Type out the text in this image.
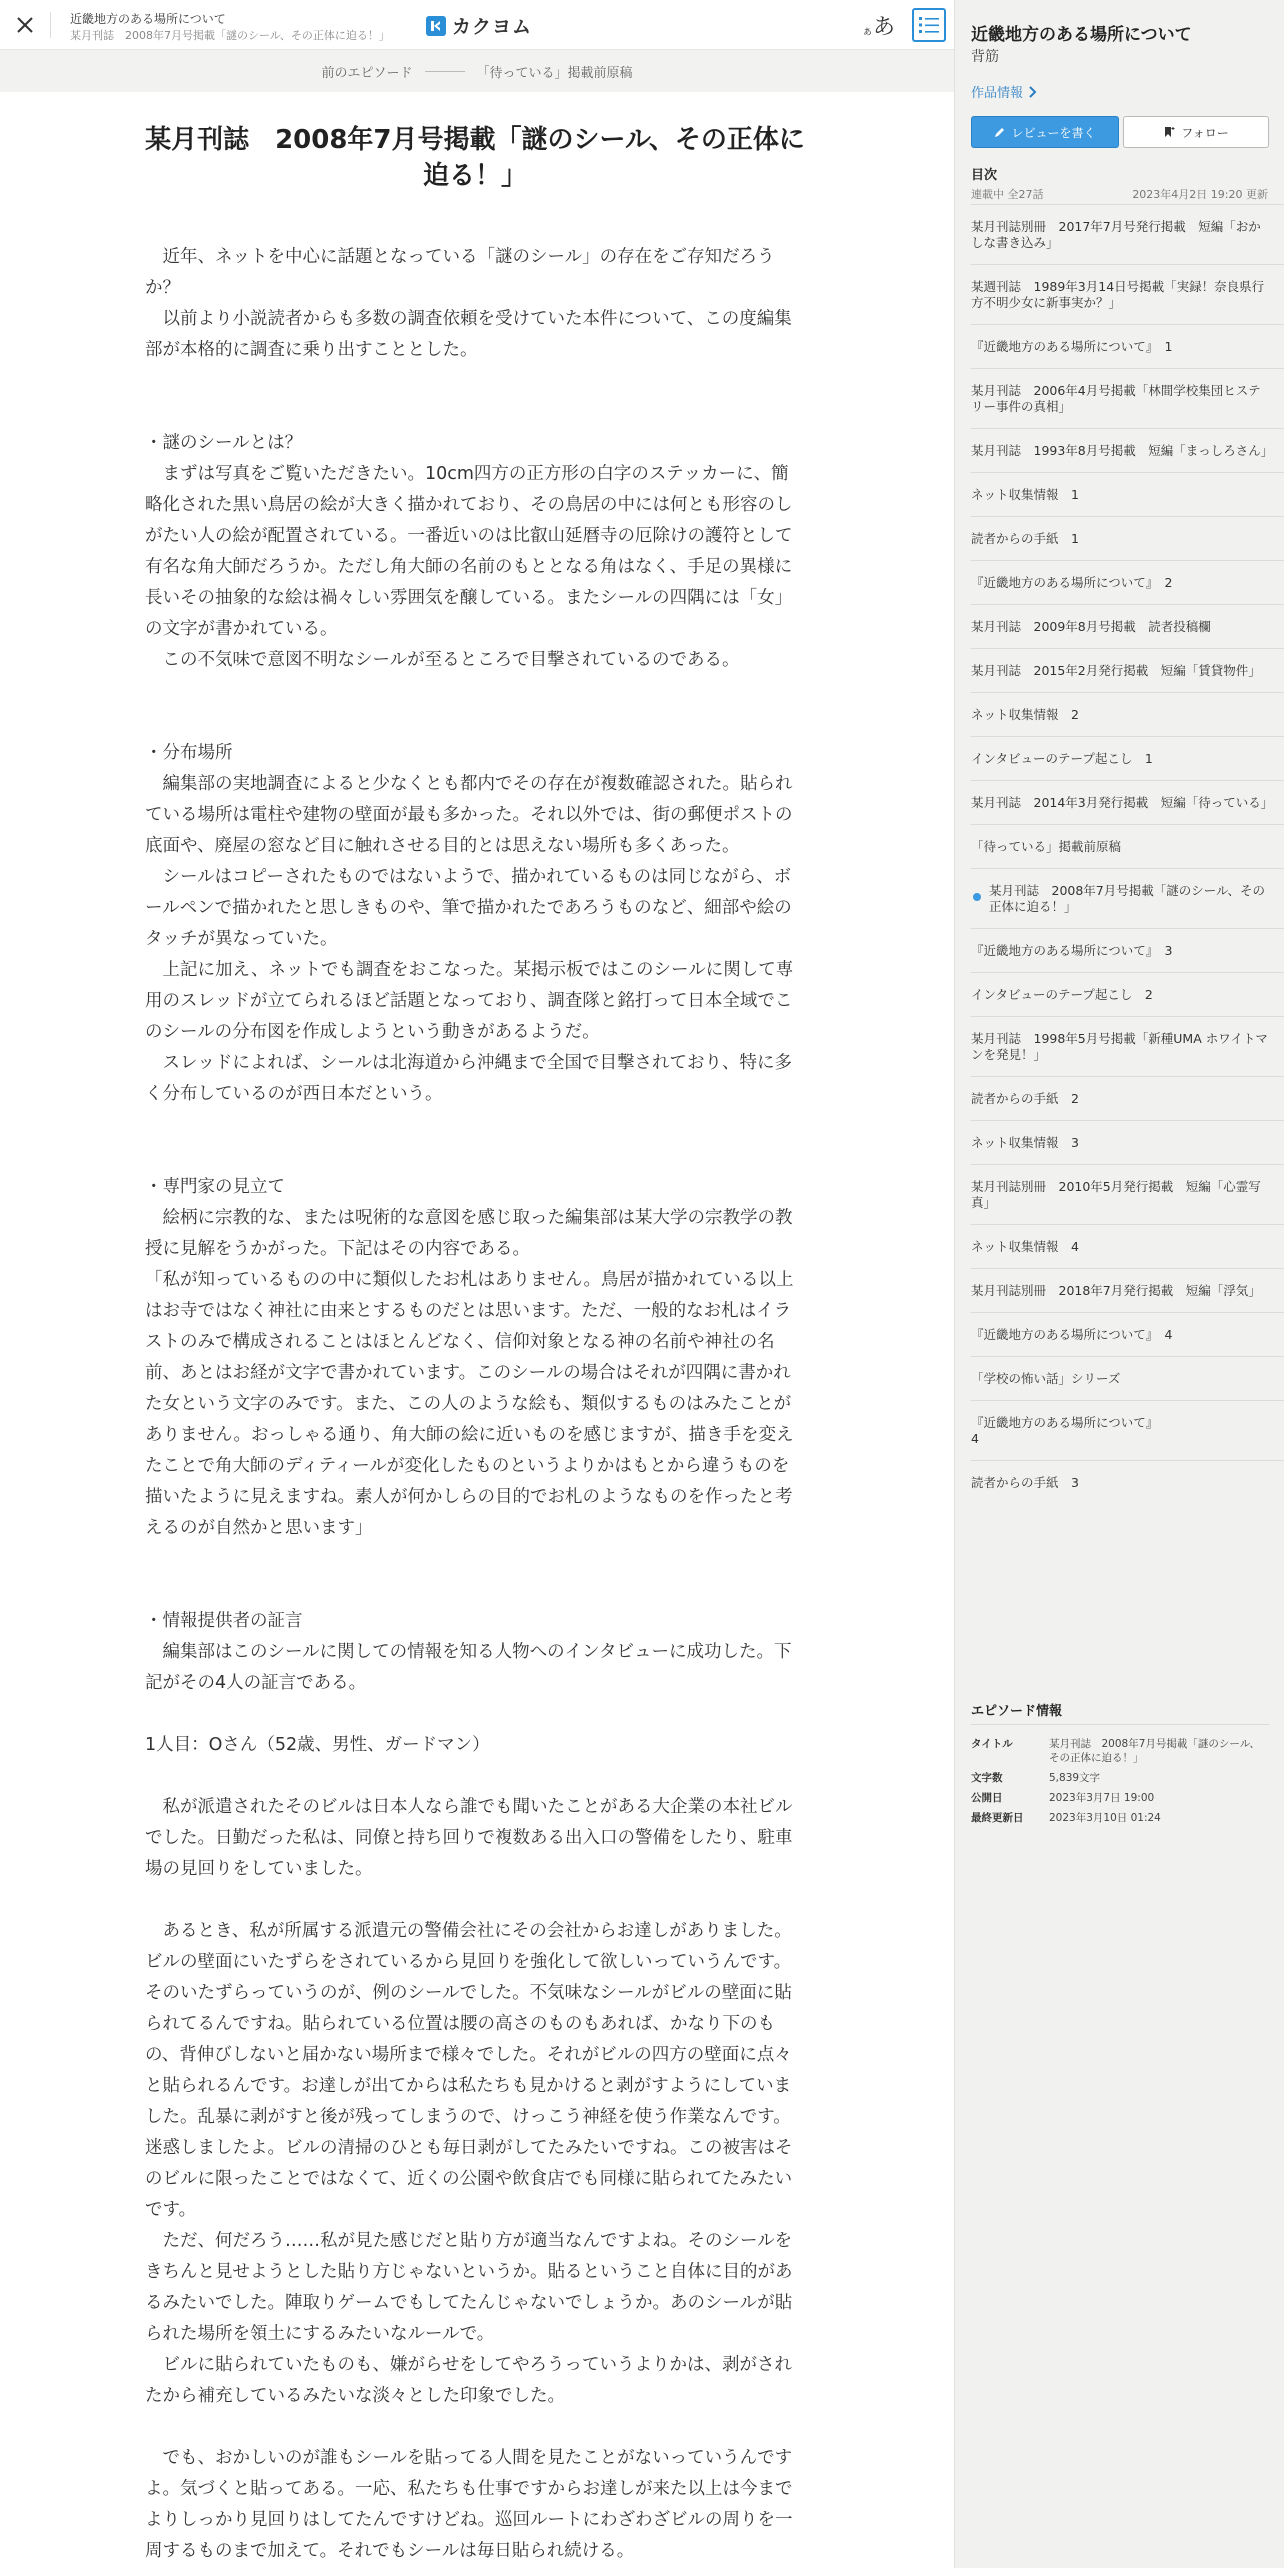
近畿地方のある場所について
某月刊誌　2008年7月号掲載「謎のシール、その正体に迫る！」	カクヨム	ぁあ
前のエピソード	「待っている」掲載前原稿
某月刊誌　2008年7月号掲載「謎のシール、その正体に迫る！」

　近年、ネットを中心に話題となっている「謎のシール」の存在をご存知だろうか？

　以前より小説読者からも多数の調査依頼を受けていた本件について、この度編集部が本格的に調査に乗り出すこととした。

・謎のシールとは？

　まずは写真をご覧いただきたい。10cm四方の正方形の白字のステッカーに、簡略化された黒い鳥居の絵が大きく描かれており、その鳥居の中には何とも形容のしがたい人の絵が配置されている。一番近いのは比叡山延暦寺の厄除けの護符として有名な角大師だろうか。ただし角大師の名前のもととなる角はなく、手足の異様に長いその抽象的な絵は禍々しい雰囲気を醸している。またシールの四隅には「女」の文字が書かれている。

　この不気味で意図不明なシールが至るところで目撃されているのである。

・分布場所

　編集部の実地調査によると少なくとも都内でその存在が複数確認された。貼られている場所は電柱や建物の壁面が最も多かった。それ以外では、街の郵便ポストの底面や、廃屋の窓など目に触れさせる目的とは思えない場所も多くあった。

　シールはコピーされたものではないようで、描かれているものは同じながら、ボールペンで描かれたと思しきものや、筆で描かれたであろうものなど、細部や絵のタッチが異なっていた。

　上記に加え、ネットでも調査をおこなった。某掲示板ではこのシールに関して専用のスレッドが立てられるほど話題となっており、調査隊と銘打って日本全域でこのシールの分布図を作成しようという動きがあるようだ。

　スレッドによれば、シールは北海道から沖縄まで全国で目撃されており、特に多く分布しているのが西日本だという。

・専門家の見立て

　絵柄に宗教的な、または呪術的な意図を感じ取った編集部は某大学の宗教学の教授に見解をうかがった。下記はその内容である。

「私が知っているものの中に類似したお札はありません。鳥居が描かれている以上はお寺ではなく神社に由来とするものだとは思います。ただ、一般的なお札はイラストのみで構成されることはほとんどなく、信仰対象となる神の名前や神社の名前、あとはお経が文字で書かれています。このシールの場合はそれが四隅に書かれた女という文字のみです。また、この人のような絵も、類似するものはみたことがありません。おっしゃる通り、角大師の絵に近いものを感じますが、描き手を変えたことで角大師のディティールが変化したものというよりかはもとから違うものを描いたように見えますね。素人が何かしらの目的でお札のようなものを作ったと考えるのが自然かと思います」

・情報提供者の証言

　編集部はこのシールに関しての情報を知る人物へのインタビューに成功した。下記がその4人の証言である。

1人目：Oさん（52歳、男性、ガードマン）

　私が派遣されたそのビルは日本人なら誰でも聞いたことがある大企業の本社ビルでした。日勤だった私は、同僚と持ち回りで複数ある出入口の警備をしたり、駐車場の見回りをしていました。

　あるとき、私が所属する派遣元の警備会社にその会社からお達しがありました。ビルの壁面にいたずらをされているから見回りを強化して欲しいっていうんです。そのいたずらっていうのが、例のシールでした。不気味なシールがビルの壁面に貼られてるんですね。貼られている位置は腰の高さのものもあれば、かなり下のもの、背伸びしないと届かない場所まで様々でした。それがビルの四方の壁面に点々と貼られるんです。お達しが出てからは私たちも見かけると剥がすようにしていました。乱暴に剥がすと後が残ってしまうので、けっこう神経を使う作業なんです。迷惑しましたよ。ビルの清掃のひとも毎日剥がしてたみたいですね。この被害はそのビルに限ったことではなくて、近くの公園や飲食店でも同様に貼られてたみたいです。

　ただ、何だろう……私が見た感じだと貼り方が適当なんですよね。そのシールをきちんと見せようとした貼り方じゃないというか。貼るということ自体に目的があるみたいでした。陣取りゲームでもしてたんじゃないでしょうか。あのシールが貼られた場所を領土にするみたいなルールで。

　ビルに貼られていたものも、嫌がらせをしてやろうっていうよりかは、剥がされたから補充しているみたいな淡々とした印象でした。

　でも、おかしいのが誰もシールを貼ってる人間を見たことがないっていうんですよ。気づくと貼ってある。一応、私たちも仕事ですからお達しが来た以上は今までよりしっかり見回りはしてたんですけどね。巡回ルートにわざわざビルの周りを一周するものまで加えて。それでもシールは毎日貼られ続ける。

近畿地方のある場所について
背筋
作品情報
レビューを書く	フォロー
目次
連載中 全27話	2023年4月2日 19:20 更新
某月刊誌別冊　2017年7月号発行掲載　短編「おかしな書き込み」
某週刊誌　1989年3月14日号掲載「実録！奈良県行方不明少女に新事実か？」
『近畿地方のある場所について』　1
某月刊誌　2006年4月号掲載「林間学校集団ヒステリー事件の真相」
某月刊誌　1993年8月号掲載　短編「まっしろさん」
ネット収集情報　1
読者からの手紙　1
『近畿地方のある場所について』　2
某月刊誌　2009年8月号掲載　読者投稿欄
某月刊誌　2015年2月発行掲載　短編「賃貸物件」
ネット収集情報　2
インタビューのテープ起こし　1
某月刊誌　2014年3月発行掲載　短編「待っている」
「待っている」掲載前原稿
某月刊誌　2008年7月号掲載「謎のシール、その正体に迫る！」
『近畿地方のある場所について』　3
インタビューのテープ起こし　2
某月刊誌　1998年5月号掲載「新種UMA ホワイトマンを発見！」
読者からの手紙　2
ネット収集情報　3
某月刊誌別冊　2010年5月発行掲載　短編「心霊写真」
ネット収集情報　4
某月刊誌別冊　2018年7月発行掲載　短編「浮気」
『近畿地方のある場所について』　4
「学校の怖い話」シリーズ
『近畿地方のある場所について』
4
読者からの手紙　3
エピソード情報
タイトル	某月刊誌　2008年7月号掲載「謎のシール、その正体に迫る！」
文字数	5,839文字
公開日	2023年3月7日 19:00
最終更新日	2023年3月10日 01:24
